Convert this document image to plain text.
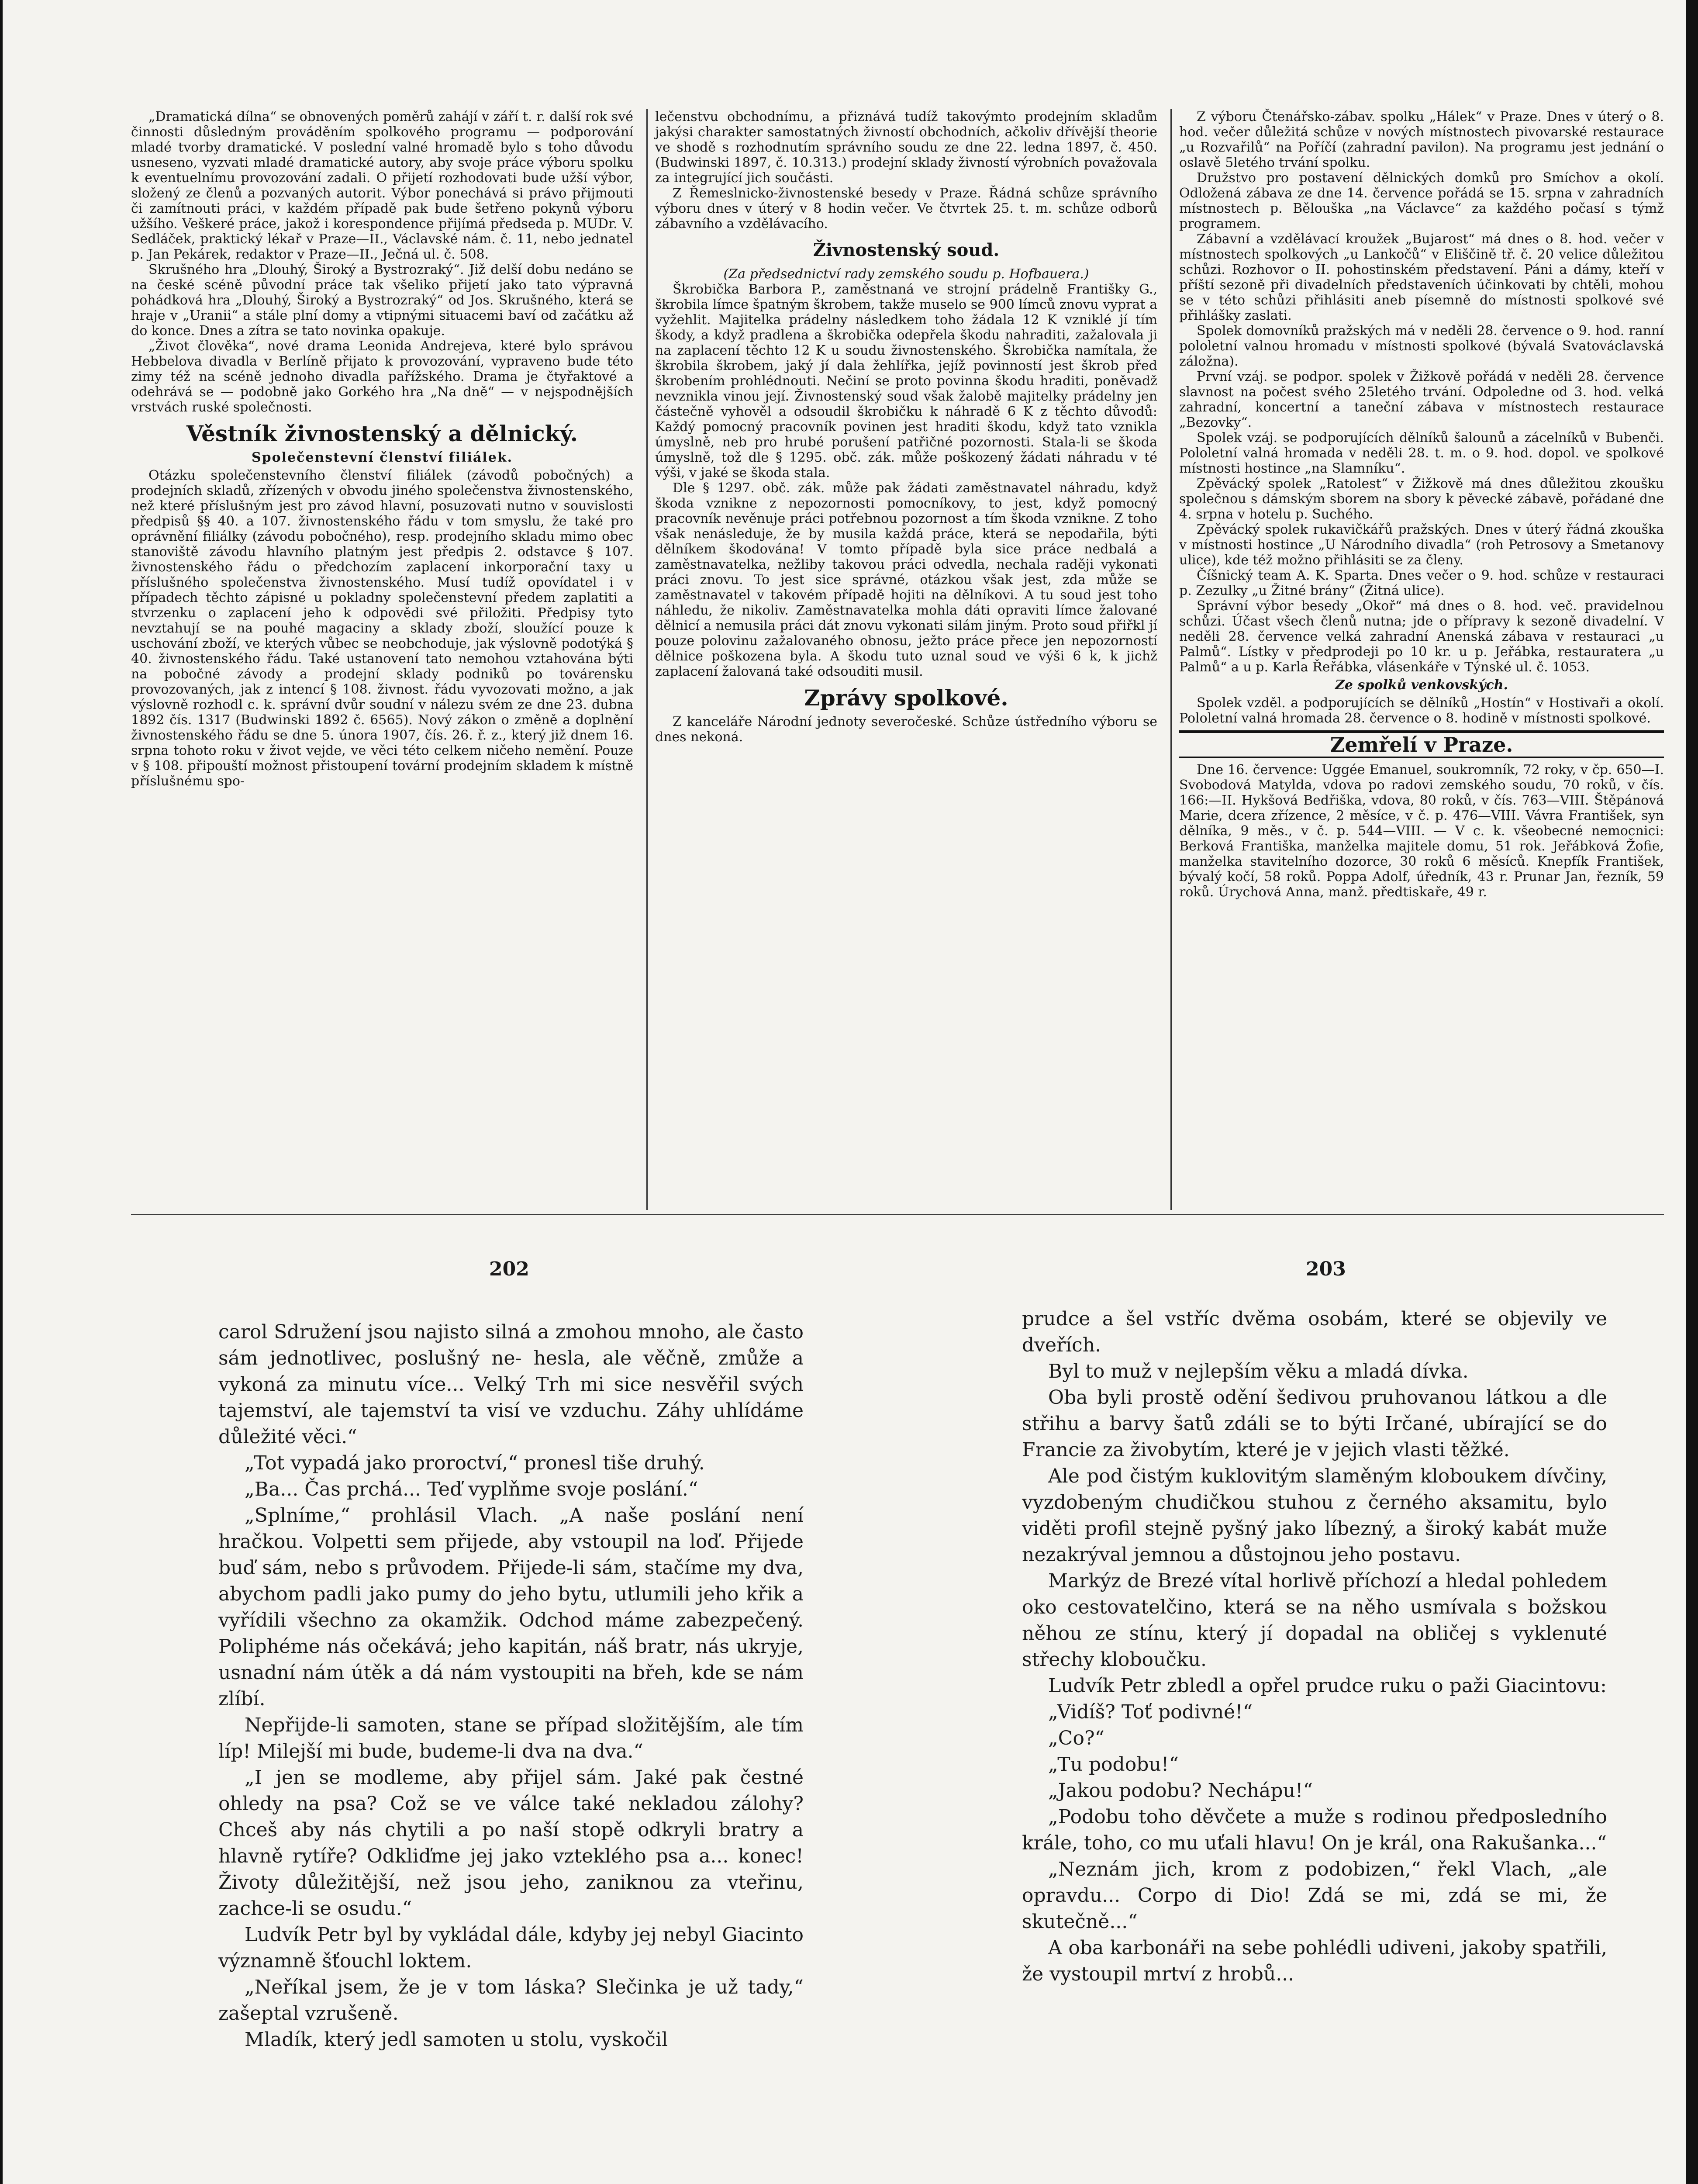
„Dramatická dílna“ se obnovených poměrů zahájí v září t. r. další rok své činnosti důsledným prováděním spolkového programu — podporování mladé tvorby dramatické. V poslední valné hromadě bylo s toho důvodu usneseno, vyzvati mladé dramatické autory, aby svoje práce výboru spolku k eventuelnímu provozování zadali. O přijetí rozhodovati bude užší výbor, složený ze členů a pozvaných autorit. Výbor ponechává si právo přijmouti či zamítnouti práci, v každém případě pak bude šetřeno pokynů výboru užšího. Veškeré práce, jakož i korespondence přijímá předseda p. MUDr. V. Sedláček, praktický lékař v Praze—II., Václavské nám. č. 11, nebo jednatel p. Jan Pekárek, redaktor v Praze—II., Ječná ul. č. 508.

Skrušného hra „Dlouhý, Široký a Bystrozraký“. Již delší dobu nedáno se na české scéně původní práce tak všeliko přijetí jako tato výpravná pohádková hra „Dlouhý, Široký a Bystrozraký“ od Jos. Skrušného, která se hraje v „Uranii“ a stále plní domy a vtipnými situacemi baví od začátku až do konce. Dnes a zítra se tato novinka opakuje.

„Život člověka“, nové drama Leonida Andrejeva, které bylo správou Hebbelova divadla v Berlíně přijato k provozování, vypraveno bude této zimy též na scéně jednoho divadla pařížského. Drama je čtyřaktové a odehrává se — podobně jako Gorkého hra „Na dně“ — v nejspodnějších vrstvách ruské společnosti.

Věstník živnostenský a dělnický.
Společenstevní členství filiálek.

Otázku společenstevního členství filiálek (závodů pobočných) a prodejních skladů, zřízených v obvodu jiného společenstva živnostenského, než které příslušným jest pro závod hlavní, posuzovati nutno v souvislosti předpisů §§ 40. a 107. živnostenského řádu v tom smyslu, že také pro oprávnění filiálky (závodu pobočného), resp. prodejního skladu mimo obec stanoviště závodu hlavního platným jest předpis 2. odstavce § 107. živnostenského řádu o předchozím zaplacení inkorporační taxy u příslušného společenstva živnostenského. Musí tudíž opovídatel i v případech těchto zápisné u pokladny společenstevní předem zaplatiti a stvrzenku o zaplacení jeho k odpovědi své přiložiti. Předpisy tyto nevztahují se na pouhé magaciny a sklady zboží, sloužící pouze k uschování zboží, ve kterých vůbec se neobchoduje, jak výslovně podotýká § 40. živnostenského řádu. Také ustanovení tato nemohou vztahována býti na pobočné závody a prodejní sklady podniků po továrensku provozovaných, jak z intencí § 108. živnost. řádu vyvozovati možno, a jak výslovně rozhodl c. k. správní dvůr soudní v nálezu svém ze dne 23. dubna 1892 čís. 1317 (Budwinski 1892 č. 6565). Nový zákon o změně a doplnění živnostenského řádu se dne 5. února 1907, čís. 26. ř. z., který již dnem 16. srpna tohoto roku v život vejde, ve věci této celkem ničeho nemění. Pouze v § 108. připouští možnost přistoupení tovární prodejním skladem k místně příslušnému spo-

lečenstvu obchodnímu, a přiznává tudíž takovýmto prodejním skladům jakýsi charakter samostatných živností obchodních, ačkoliv dřívější theorie ve shodě s rozhodnutím správního soudu ze dne 22. ledna 1897, č. 450. (Budwinski 1897, č. 10.313.) prodejní sklady živností výrobních považovala za integrující jich součásti.

Z Řemeslnicko-živnostenské besedy v Praze. Řádná schůze správního výboru dnes v úterý v 8 hodin večer. Ve čtvrtek 25. t. m. schůze odborů zábavního a vzdělávacího.

Živnostenský soud.
(Za předsednictví rady zemského soudu p. Hofbauera.)

Škrobička Barbora P., zaměstnaná ve strojní prádelně Františky G., škrobila límce špatným škrobem, takže muselo se 900 límců znovu vyprat a vyžehlit. Majitelka prádelny následkem toho žádala 12 K vzniklé jí tím škody, a když pradlena a škrobička odepřela škodu nahraditi, zažalovala ji na zaplacení těchto 12 K u soudu živnostenského. Škrobička namítala, že škrobila škrobem, jaký jí dala žehlířka, jejíž povinností jest škrob před škrobením prohlédnouti. Nečiní se proto povinna škodu hraditi, poněvadž nevznikla vinou její. Živnostenský soud však žalobě majitelky prádelny jen částečně vyhověl a odsoudil škrobičku k náhradě 6 K z těchto důvodů: Každý pomocný pracovník povinen jest hraditi škodu, když tato vznikla úmyslně, neb pro hrubé porušení patřičné pozornosti. Stala-li se škoda úmyslně, tož dle § 1295. obč. zák. může poškozený žádati náhradu v té výši, v jaké se škoda stala.

Dle § 1297. obč. zák. může pak žádati zaměstnavatel náhradu, když škoda vznikne z nepozornosti pomocníkovy, to jest, když pomocný pracovník nevěnuje práci potřebnou pozornost a tím škoda vznikne. Z toho však nenásleduje, že by musila každá práce, která se nepodařila, býti dělníkem škodována! V tomto případě byla sice práce nedbalá a zaměstnavatelka, nežliby takovou práci odvedla, nechala raději vykonati práci znovu. To jest sice správné, otázkou však jest, zda může se zaměstnavatel v takovém případě hojiti na dělníkovi. A tu soud jest toho náhledu, že nikoliv. Zaměstnavatelka mohla dáti opraviti límce žalované dělnicí a nemusila práci dát znovu vykonati silám jiným. Proto soud přiřkl jí pouze polovinu zažalovaného obnosu, ježto práce přece jen nepozorností dělnice poškozena byla. A škodu tuto uznal soud ve výši 6 k, k jichž zaplacení žalovaná také odsouditi musil.

Zprávy spolkové.

Z kanceláře Národní jednoty severočeské. Schůze ústředního výboru se dnes nekoná.

Z výboru Čtenářsko-zábav. spolku „Hálek“ v Praze. Dnes v úterý o 8. hod. večer důležitá schůze v nových místnostech pivovarské restaurace „u Rozvařilů“ na Poříčí (zahradní pavilon). Na programu jest jednání o oslavě 5letého trvání spolku.

Družstvo pro postavení dělnických domků pro Smíchov a okolí. Odložená zábava ze dne 14. července pořádá se 15. srpna v zahradních místnostech p. Bělouška „na Václavce“ za každého počasí s týmž programem.

Zábavní a vzdělávací kroužek „Bujarost“ má dnes o 8. hod. večer v místnostech spolkových „u Lankočů“ v Eliščině tř. č. 20 velice důležitou schůzi. Rozhovor o II. pohostinském představení. Páni a dámy, kteří v příští sezoně při divadelních představeních účinkovati by chtěli, mohou se v této schůzi přihlásiti aneb písemně do místnosti spolkové své přihlášky zaslati.

Spolek domovníků pražských má v neděli 28. července o 9. hod. ranní pololetní valnou hromadu v místnosti spolkové (bývalá Svatováclavská záložna).

První vzáj. se podpor. spolek v Žižkově pořádá v neděli 28. července slavnost na počest svého 25letého trvání. Odpoledne od 3. hod. velká zahradní, koncertní a taneční zábava v místnostech restaurace „Bezovky“.

Spolek vzáj. se podporujících dělníků šalounů a zácelníků v Bubenči. Pololetní valná hromada v neděli 28. t. m. o 9. hod. dopol. ve spolkové místnosti hostince „na Slamníku“.

Zpěvácký spolek „Ratolest“ v Žižkově má dnes důležitou zkoušku společnou s dámským sborem na sbory k pěvecké zábavě, pořádané dne 4. srpna v hotelu p. Suchého.

Zpěvácký spolek rukavičkářů pražských. Dnes v úterý řádná zkouška v místnosti hostince „U Národního divadla“ (roh Petrosovy a Smetanovy ulice), kde též možno přihlásiti se za členy.

Číšnický team A. K. Sparta. Dnes večer o 9. hod. schůze v restauraci p. Zezulky „u Žitné brány“ (Žitná ulice).

Správní výbor besedy „Okoř“ má dnes o 8. hod. več. pravidelnou schůzi. Účast všech členů nutna; jde o přípravy k sezoně divadelní. V neděli 28. července velká zahradní Anenská zábava v restauraci „u Palmů“. Lístky v předprodeji po 10 kr. u p. Jeřábka, restauratera „u Palmů“ a u p. Karla Řeřábka, vlásenkáře v Týnské ul. č. 1053.

Ze spolků venkovských.

Spolek vzděl. a podporujících se dělníků „Hostín“ v Hostivaři a okolí. Pololetní valná hromada 28. července o 8. hodině v místnosti spolkové.

Zemřelí v Praze.

Dne 16. července: Uggée Emanuel, soukromník, 72 roky, v čp. 650—I. Svobodová Matylda, vdova po radovi zemského soudu, 70 roků, v čís. 166:—II. Hykšová Bedřiška, vdova, 80 roků, v čís. 763—VIII. Štěpánová Marie, dcera zřízence, 2 měsíce, v č. p. 476—VIII. Vávra František, syn dělníka, 9 měs., v č. p. 544—VIII. — V c. k. všeobecné nemocnici: Berková Františka, manželka majitele domu, 51 rok. Jeřábková Žofie, manželka stavitelního dozorce, 30 roků 6 měsíců. Knepfík František, bývalý kočí, 58 roků. Poppa Adolf, úředník, 43 r. Prunar Jan, řezník, 59 roků. Úrychová Anna, manž. předtiskaře, 49 r.

202	203

carol Sdružení jsou najisto silná a zmohou mnoho, ale často sám jednotlivec, poslušný ne- hesla, ale věčně, zmůže a vykoná za minutu více... Velký Trh mi sice nesvěřil svých tajemství, ale tajemství ta visí ve vzduchu. Záhy uhlídáme důležité věci.“

„Tot vypadá jako proroctví,“ pronesl tiše druhý.

„Ba... Čas prchá... Teď vyplňme svoje poslání.“

„Splníme,“ prohlásil Vlach. „A naše poslání není hračkou. Volpetti sem přijede, aby vstoupil na loď. Přijede buď sám, nebo s průvodem. Přijede-li sám, stačíme my dva, abychom padli jako pumy do jeho bytu, utlumili jeho křik a vyřídili všechno za okamžik. Odchod máme zabezpečený. Poliphéme nás očekává; jeho kapitán, náš bratr, nás ukryje, usnadní nám útěk a dá nám vystoupiti na břeh, kde se nám zlíbí.

Nepřijde-li samoten, stane se případ složitějším, ale tím líp! Milejší mi bude, budeme-li dva na dva.“

„I jen se modleme, aby přijel sám. Jaké pak čestné ohledy na psa? Což se ve válce také nekladou zálohy? Chceš aby nás chytili a po naší stopě odkryli bratry a hlavně rytíře? Odkliďme jej jako vzteklého psa a... konec! Životy důležitější, než jsou jeho, zaniknou za vteřinu, zachce-li se osudu.“

Ludvík Petr byl by vykládal dále, kdyby jej nebyl Giacinto významně šťouchl loktem.

„Neříkal jsem, že je v tom láska? Slečinka je už tady,“ zašeptal vzrušeně.

Mladík, který jedl samoten u stolu, vyskočil

prudce a šel vstříc dvěma osobám, které se objevily ve dveřích.

Byl to muž v nejlepším věku a mladá dívka.

Oba byli prostě odění šedivou pruhovanou látkou a dle střihu a barvy šatů zdáli se to býti Irčané, ubírající se do Francie za živobytím, které je v jejich vlasti těžké.

Ale pod čistým kuklovitým slaměným kloboukem dívčiny, vyzdobeným chudičkou stuhou z černého aksamitu, bylo viděti profil stejně pyšný jako líbezný, a široký kabát muže nezakrýval jemnou a důstojnou jeho postavu.

Markýz de Brezé vítal horlivě příchozí a hledal pohledem oko cestovatelčino, která se na něho usmívala s božskou něhou ze stínu, který jí dopadal na obličej s vyklenuté střechy kloboučku.

Ludvík Petr zbledl a opřel prudce ruku o paži Giacintovu:

„Vidíš? Toť podivné!“

„Co?“

„Tu podobu!“

„Jakou podobu? Nechápu!“

„Podobu toho děvčete a muže s rodinou předposledního krále, toho, co mu uťali hlavu! On je král, ona Rakušanka...“

„Neznám jich, krom z podobizen,“ řekl Vlach, „ale opravdu... Corpo di Dio! Zdá se mi, zdá se mi, že skutečně...“

A oba karbonáři na sebe pohlédli udiveni, jakoby spatřili, že vystoupil mrtví z hrobů...
